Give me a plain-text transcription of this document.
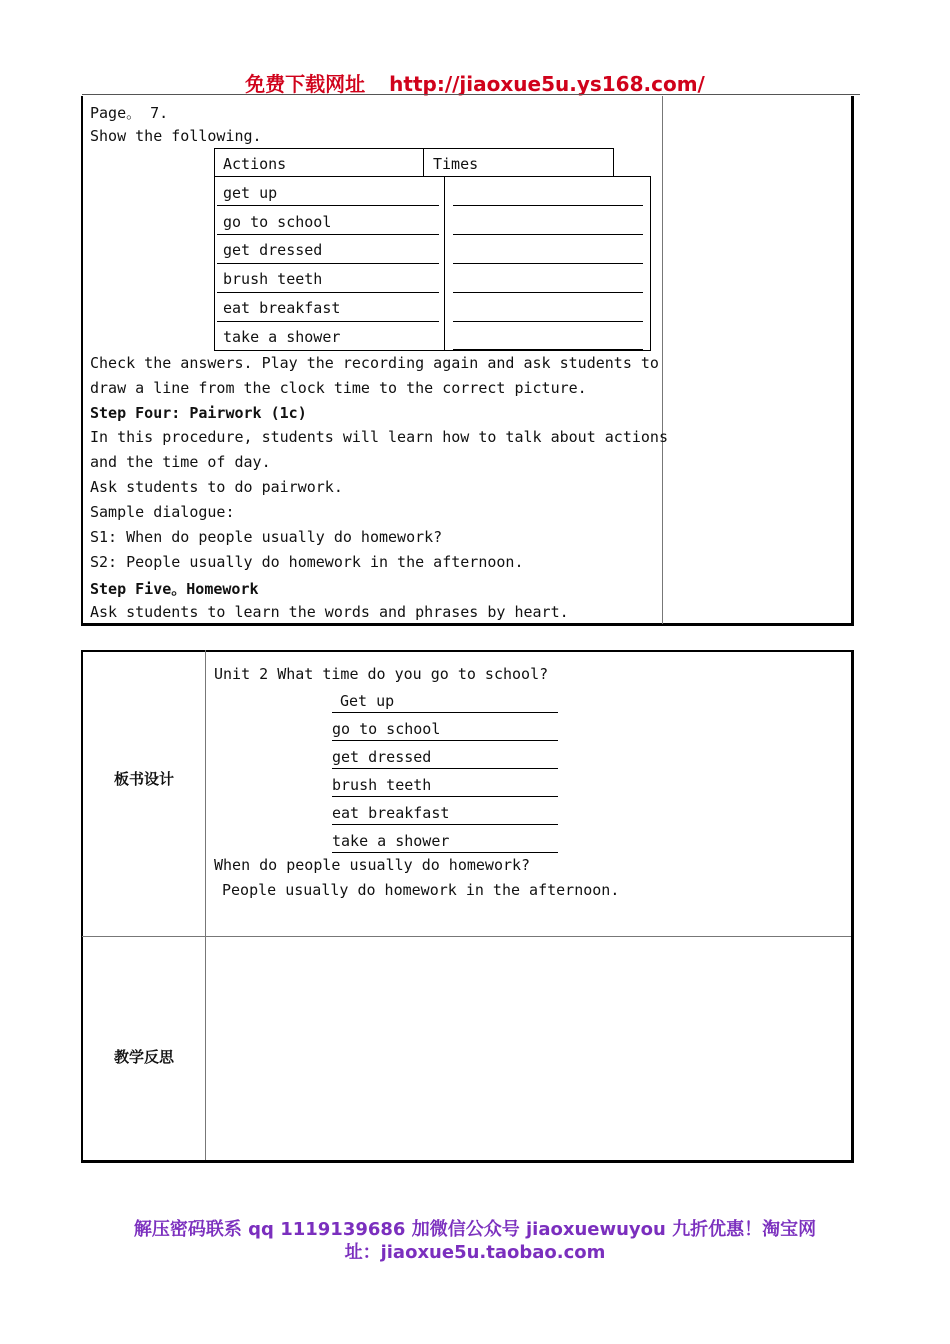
免费下载网址 http://jiaoxue5u.ys168.com/
Page。 7.
Show the following.
Actions	Times
get up
go to school
get dressed
brush teeth
eat breakfast
take a shower
Check the answers. Play the recording again and ask students to
draw a line from the clock time to the correct picture.
Step Four: Pairwork (1c)
In this procedure, students will learn how to talk about actions
and the time of day.
Ask students to do pairwork.
Sample dialogue:
S1: When do people usually do homework?
S2: People usually do homework in the afternoon.
Step Five。Homework
Ask students to learn the words and phrases by heart.
板书设计
教学反思
Unit 2 What time do you go to school?
Get up
go to school
get dressed
brush teeth
eat breakfast
take a shower
When do people usually do homework?
People usually do homework in the afternoon.
解压密码联系 qq 1119139686 加微信公众号 jiaoxuewuyou 九折优惠！淘宝网
址：jiaoxue5u.taobao.com
